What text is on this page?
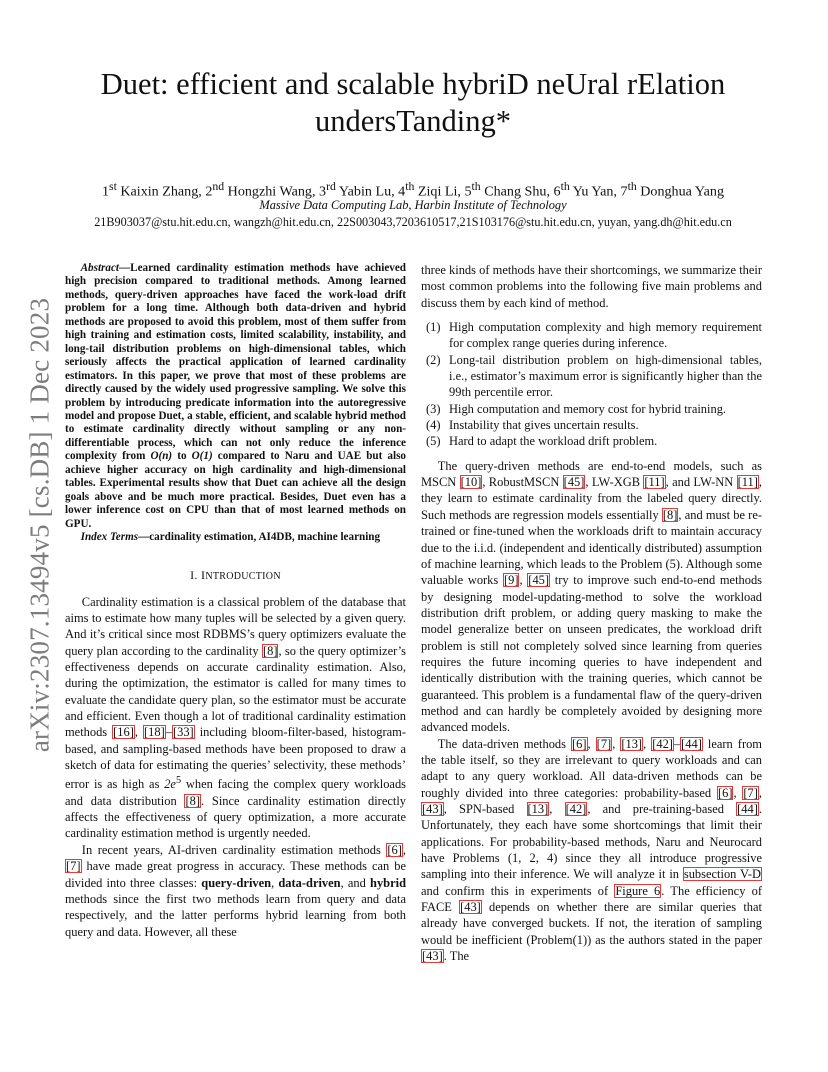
arXiv:2307.13494v5 [cs.DB] 1 Dec 2023
Duet: efficient and scalable hybriD neUral rElation
undersTanding*
1st Kaixin Zhang, 2nd Hongzhi Wang, 3rd Yabin Lu, 4th Ziqi Li, 5th Chang Shu, 6th Yu Yan, 7th Donghua Yang
Massive Data Computing Lab, Harbin Institute of Technology
21B903037@stu.hit.edu.cn, wangzh@hit.edu.cn, 22S003043,7203610517,21S103176@stu.hit.edu.cn, yuyan, yang.dh@hit.edu.cn

Abstract—Learned cardinality estimation methods have achieved high precision compared to traditional methods. Among learned methods, query-driven approaches have faced the work-load drift problem for a long time. Although both data-driven and hybrid methods are proposed to avoid this problem, most of them suffer from high training and estimation costs, limited scalability, instability, and long-tail distribution problems on high-dimensional tables, which seriously affects the practical application of learned cardinality estimators. In this paper, we prove that most of these problems are directly caused by the widely used progressive sampling. We solve this problem by introducing predicate information into the autoregressive model and propose Duet, a stable, efficient, and scalable hybrid method to estimate cardinality directly without sampling or any non-differentiable process, which can not only reduce the inference complexity from O(n) to O(1) compared to Naru and UAE but also achieve higher accuracy on high cardinality and high-dimensional tables. Experimental results show that Duet can achieve all the design goals above and be much more practical. Besides, Duet even has a lower inference cost on CPU than that of most learned methods on GPU.

Index Terms—cardinality estimation, AI4DB, machine learning

I. INTRODUCTION

Cardinality estimation is a classical problem of the database that aims to estimate how many tuples will be selected by a given query. And it’s critical since most RDBMS’s query optimizers evaluate the query plan according to the cardinality [8], so the query optimizer’s effectiveness depends on accurate cardinality estimation. Also, during the optimization, the estimator is called for many times to evaluate the candidate query plan, so the estimator must be accurate and efficient. Even though a lot of traditional cardinality estimation methods [16], [18]–[33] including bloom-filter-based, histogram-based, and sampling-based methods have been proposed to draw a sketch of data for estimating the queries’ selectivity, these methods’ error is as high as $2e^5$ when facing the complex query workloads and data distribution [8]. Since cardinality estimation directly affects the effectiveness of query optimization, a more accurate cardinality estimation method is urgently needed.

In recent years, AI-driven cardinality estimation methods [6], [7] have made great progress in accuracy. These methods can be divided into three classes: query-driven, data-driven, and hybrid methods since the first two methods learn from query and data respectively, and the latter performs hybrid learning from both query and data. However, all these

three kinds of methods have their shortcomings, we summarize their most common problems into the following five main problems and discuss them by each kind of method.

(1) High computation complexity and high memory requirement for complex range queries during inference.
(2) Long-tail distribution problem on high-dimensional tables, i.e., estimator’s maximum error is significantly higher than the 99th percentile error.
(3) High computation and memory cost for hybrid training.
(4) Instability that gives uncertain results.
(5) Hard to adapt the workload drift problem.

The query-driven methods are end-to-end models, such as MSCN [10], RobustMSCN [45], LW-XGB [11], and LW-NN [11], they learn to estimate cardinality from the labeled query directly. Such methods are regression models essentially [8], and must be re-trained or fine-tuned when the workloads drift to maintain accuracy due to the i.i.d. (independent and identically distributed) assumption of machine learning, which leads to the Problem (5). Although some valuable works [9], [45] try to improve such end-to-end methods by designing model-updating-method to solve the workload distribution drift problem, or adding query masking to make the model generalize better on unseen predicates, the workload drift problem is still not completely solved since learning from queries requires the future incoming queries to have independent and identically distribution with the training queries, which cannot be guaranteed. This problem is a fundamental flaw of the query-driven method and can hardly be completely avoided by designing more advanced models.

The data-driven methods [6], [7], [13], [42]–[44] learn from the table itself, so they are irrelevant to query workloads and can adapt to any query workload. All data-driven methods can be roughly divided into three categories: probability-based [6], [7], [43], SPN-based [13], [42], and pre-training-based [44]. Unfortunately, they each have some shortcomings that limit their applications. For probability-based methods, Naru and Neurocard have Problems (1, 2, 4) since they all introduce progressive sampling into their inference. We will analyze it in subsection V-D and confirm this in experiments of Figure 6. The efficiency of FACE [43] depends on whether there are similar queries that already have converged buckets. If not, the iteration of sampling would be inefficient (Problem(1)) as the authors stated in the paper [43]. The
